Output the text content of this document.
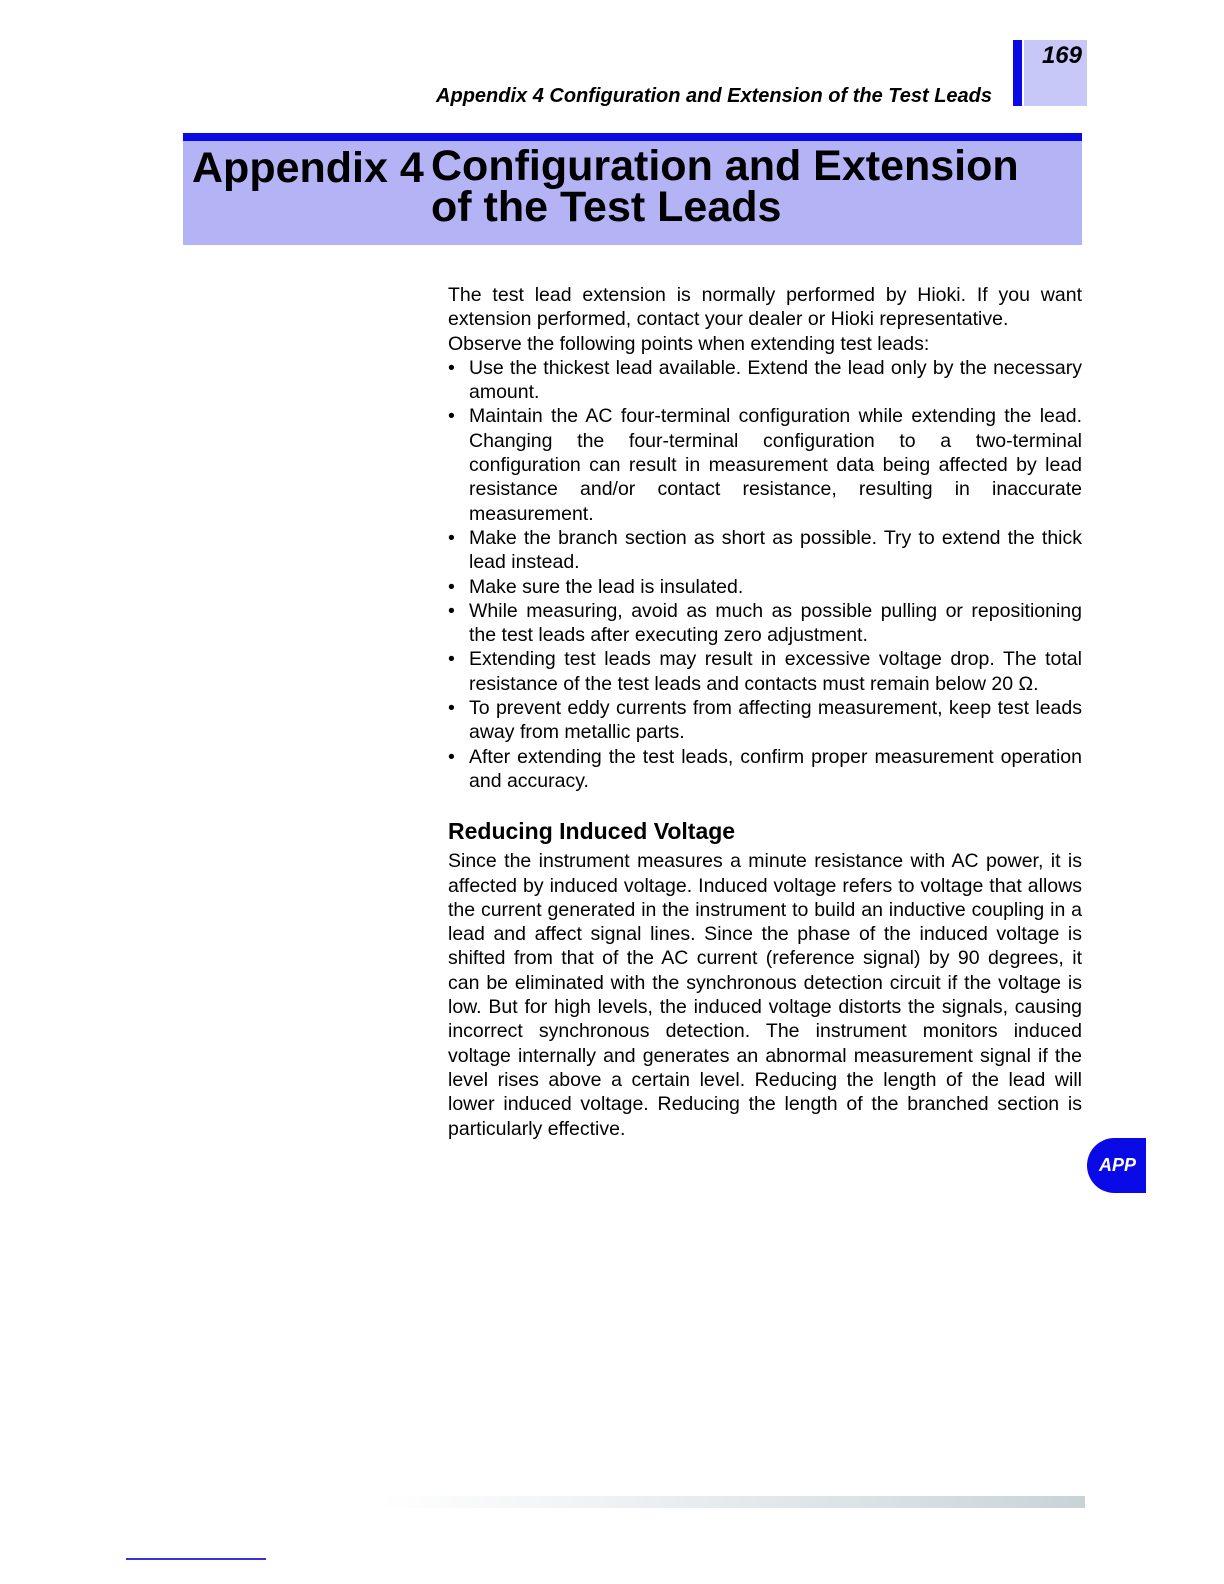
Appendix 4 Configuration and Extension of the Test Leads
169
Appendix 4 Configuration and Extension of the Test Leads

The test lead extension is normally performed by Hioki. If you want extension performed, contact your dealer or Hioki representative.

Observe the following points when extending test leads:

• Use the thickest lead available. Extend the lead only by the necessary amount.
• Maintain the AC four-terminal configuration while extending the lead. Changing the four-terminal configuration to a two-terminal configuration can result in measurement data being affected by lead resistance and/or contact resistance, resulting in inaccurate measurement.
• Make the branch section as short as possible. Try to extend the thick lead instead.
• Make sure the lead is insulated.
• While measuring, avoid as much as possible pulling or repositioning the test leads after executing zero adjustment.
• Extending test leads may result in excessive voltage drop. The total resistance of the test leads and contacts must remain below 20 Ω.
• To prevent eddy currents from affecting measurement, keep test leads away from metallic parts.
• After extending the test leads, confirm proper measurement operation and accuracy.
Reducing Induced Voltage

Since the instrument measures a minute resistance with AC power, it is affected by induced voltage. Induced voltage refers to voltage that allows the current generated in the instrument to build an inductive coupling in a lead and affect signal lines. Since the phase of the induced voltage is shifted from that of the AC current (reference signal) by 90 degrees, it can be eliminated with the synchronous detection circuit if the voltage is low. But for high levels, the induced voltage distorts the signals, causing incorrect synchronous detection. The instrument monitors induced voltage internally and generates an abnormal measurement signal if the level rises above a certain level. Reducing the length of the lead will lower induced voltage. Reducing the length of the branched section is particularly effective.

APP
